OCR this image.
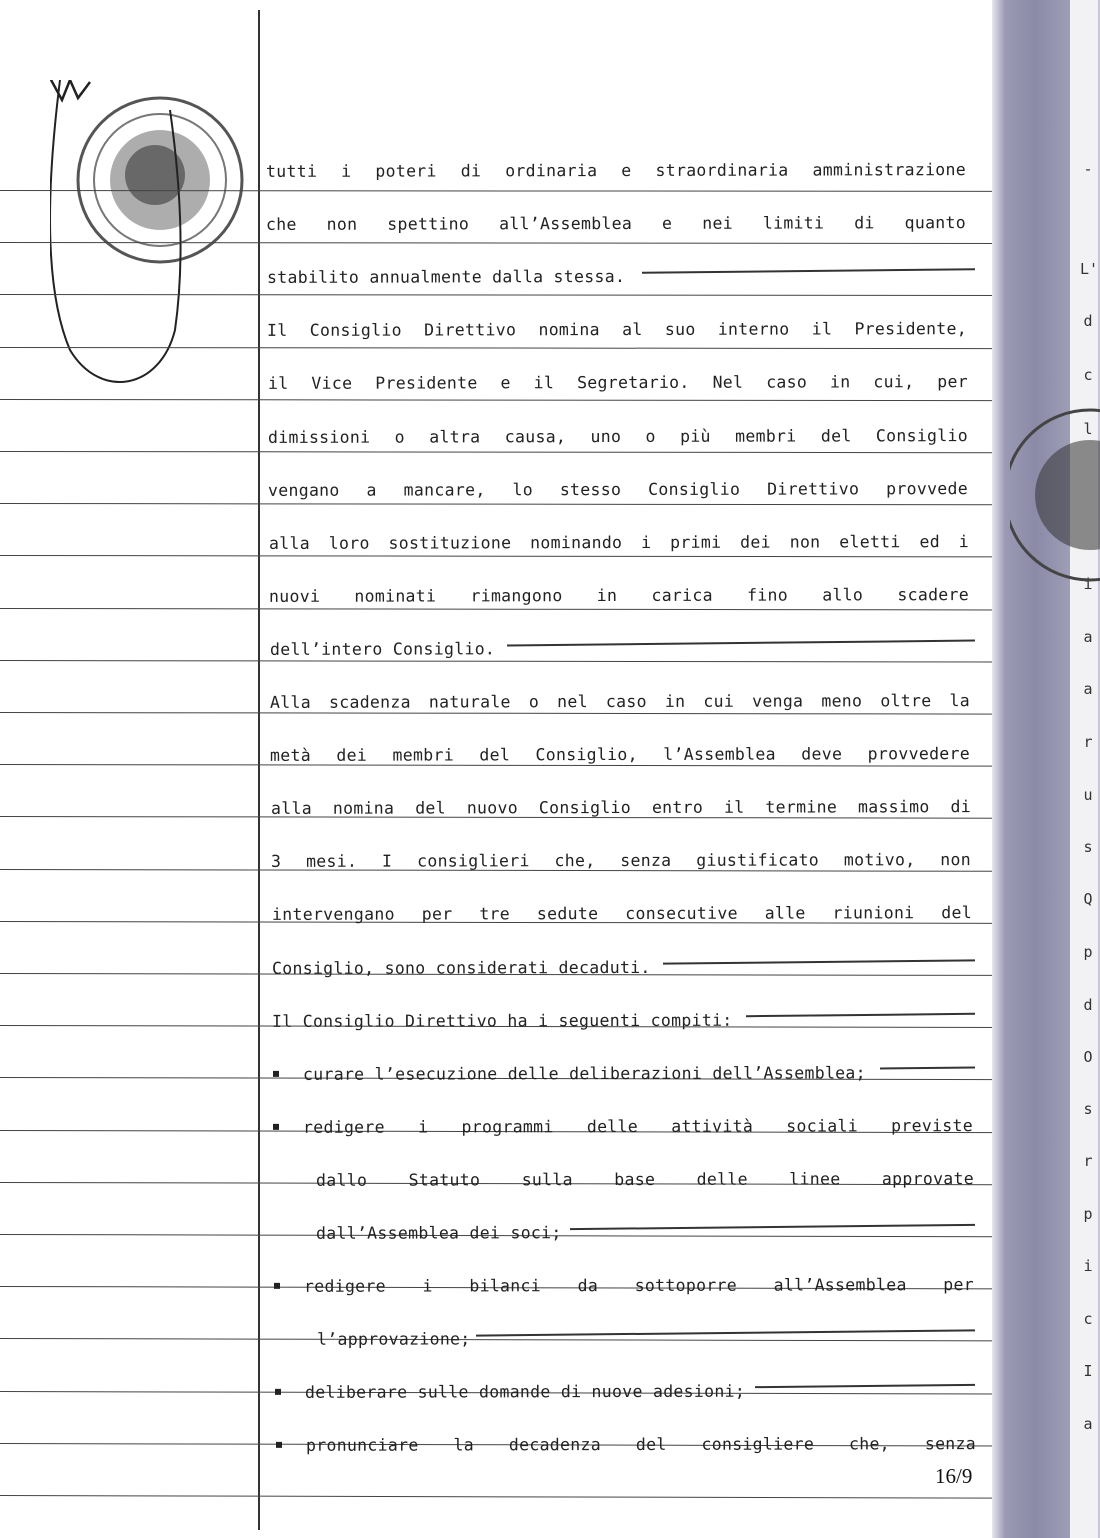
tutti i poteri di ordinaria e straordinaria amministrazione
che non spettino all’Assemblea e nei limiti di quanto
stabilito annualmente dalla stessa.
Il Consiglio Direttivo nomina al suo interno il Presidente,
il Vice Presidente e il Segretario. Nel caso in cui, per
dimissioni o altra causa, uno o più membri del Consiglio
vengano a mancare, lo stesso Consiglio Direttivo provvede
alla loro sostituzione nominando i primi dei non eletti ed i
nuovi nominati rimangono in carica fino allo scadere
dell’intero Consiglio.
Alla scadenza naturale o nel caso in cui venga meno oltre la
metà dei membri del Consiglio, l’Assemblea deve provvedere
alla nomina del nuovo Consiglio entro il termine massimo di
3 mesi. I consiglieri che, senza giustificato motivo, non
intervengano per tre sedute consecutive alle riunioni del
Consiglio, sono considerati decaduti.
Il Consiglio Direttivo ha i seguenti compiti:
curare l’esecuzione delle deliberazioni dell’Assemblea;
redigere i programmi delle attività sociali previste
dallo Statuto sulla base delle linee approvate
dall’Assemblea dei soci;
redigere i bilanci da sottoporre all’Assemblea per
l’approvazione;
deliberare sulle domande di nuove adesioni;
pronunciare la decadenza del consigliere che, senza
-
L'
d
c
l
i
a
a
r
u
s
Q
p
d
O
s
r
p
i
c
I
a
16/9
